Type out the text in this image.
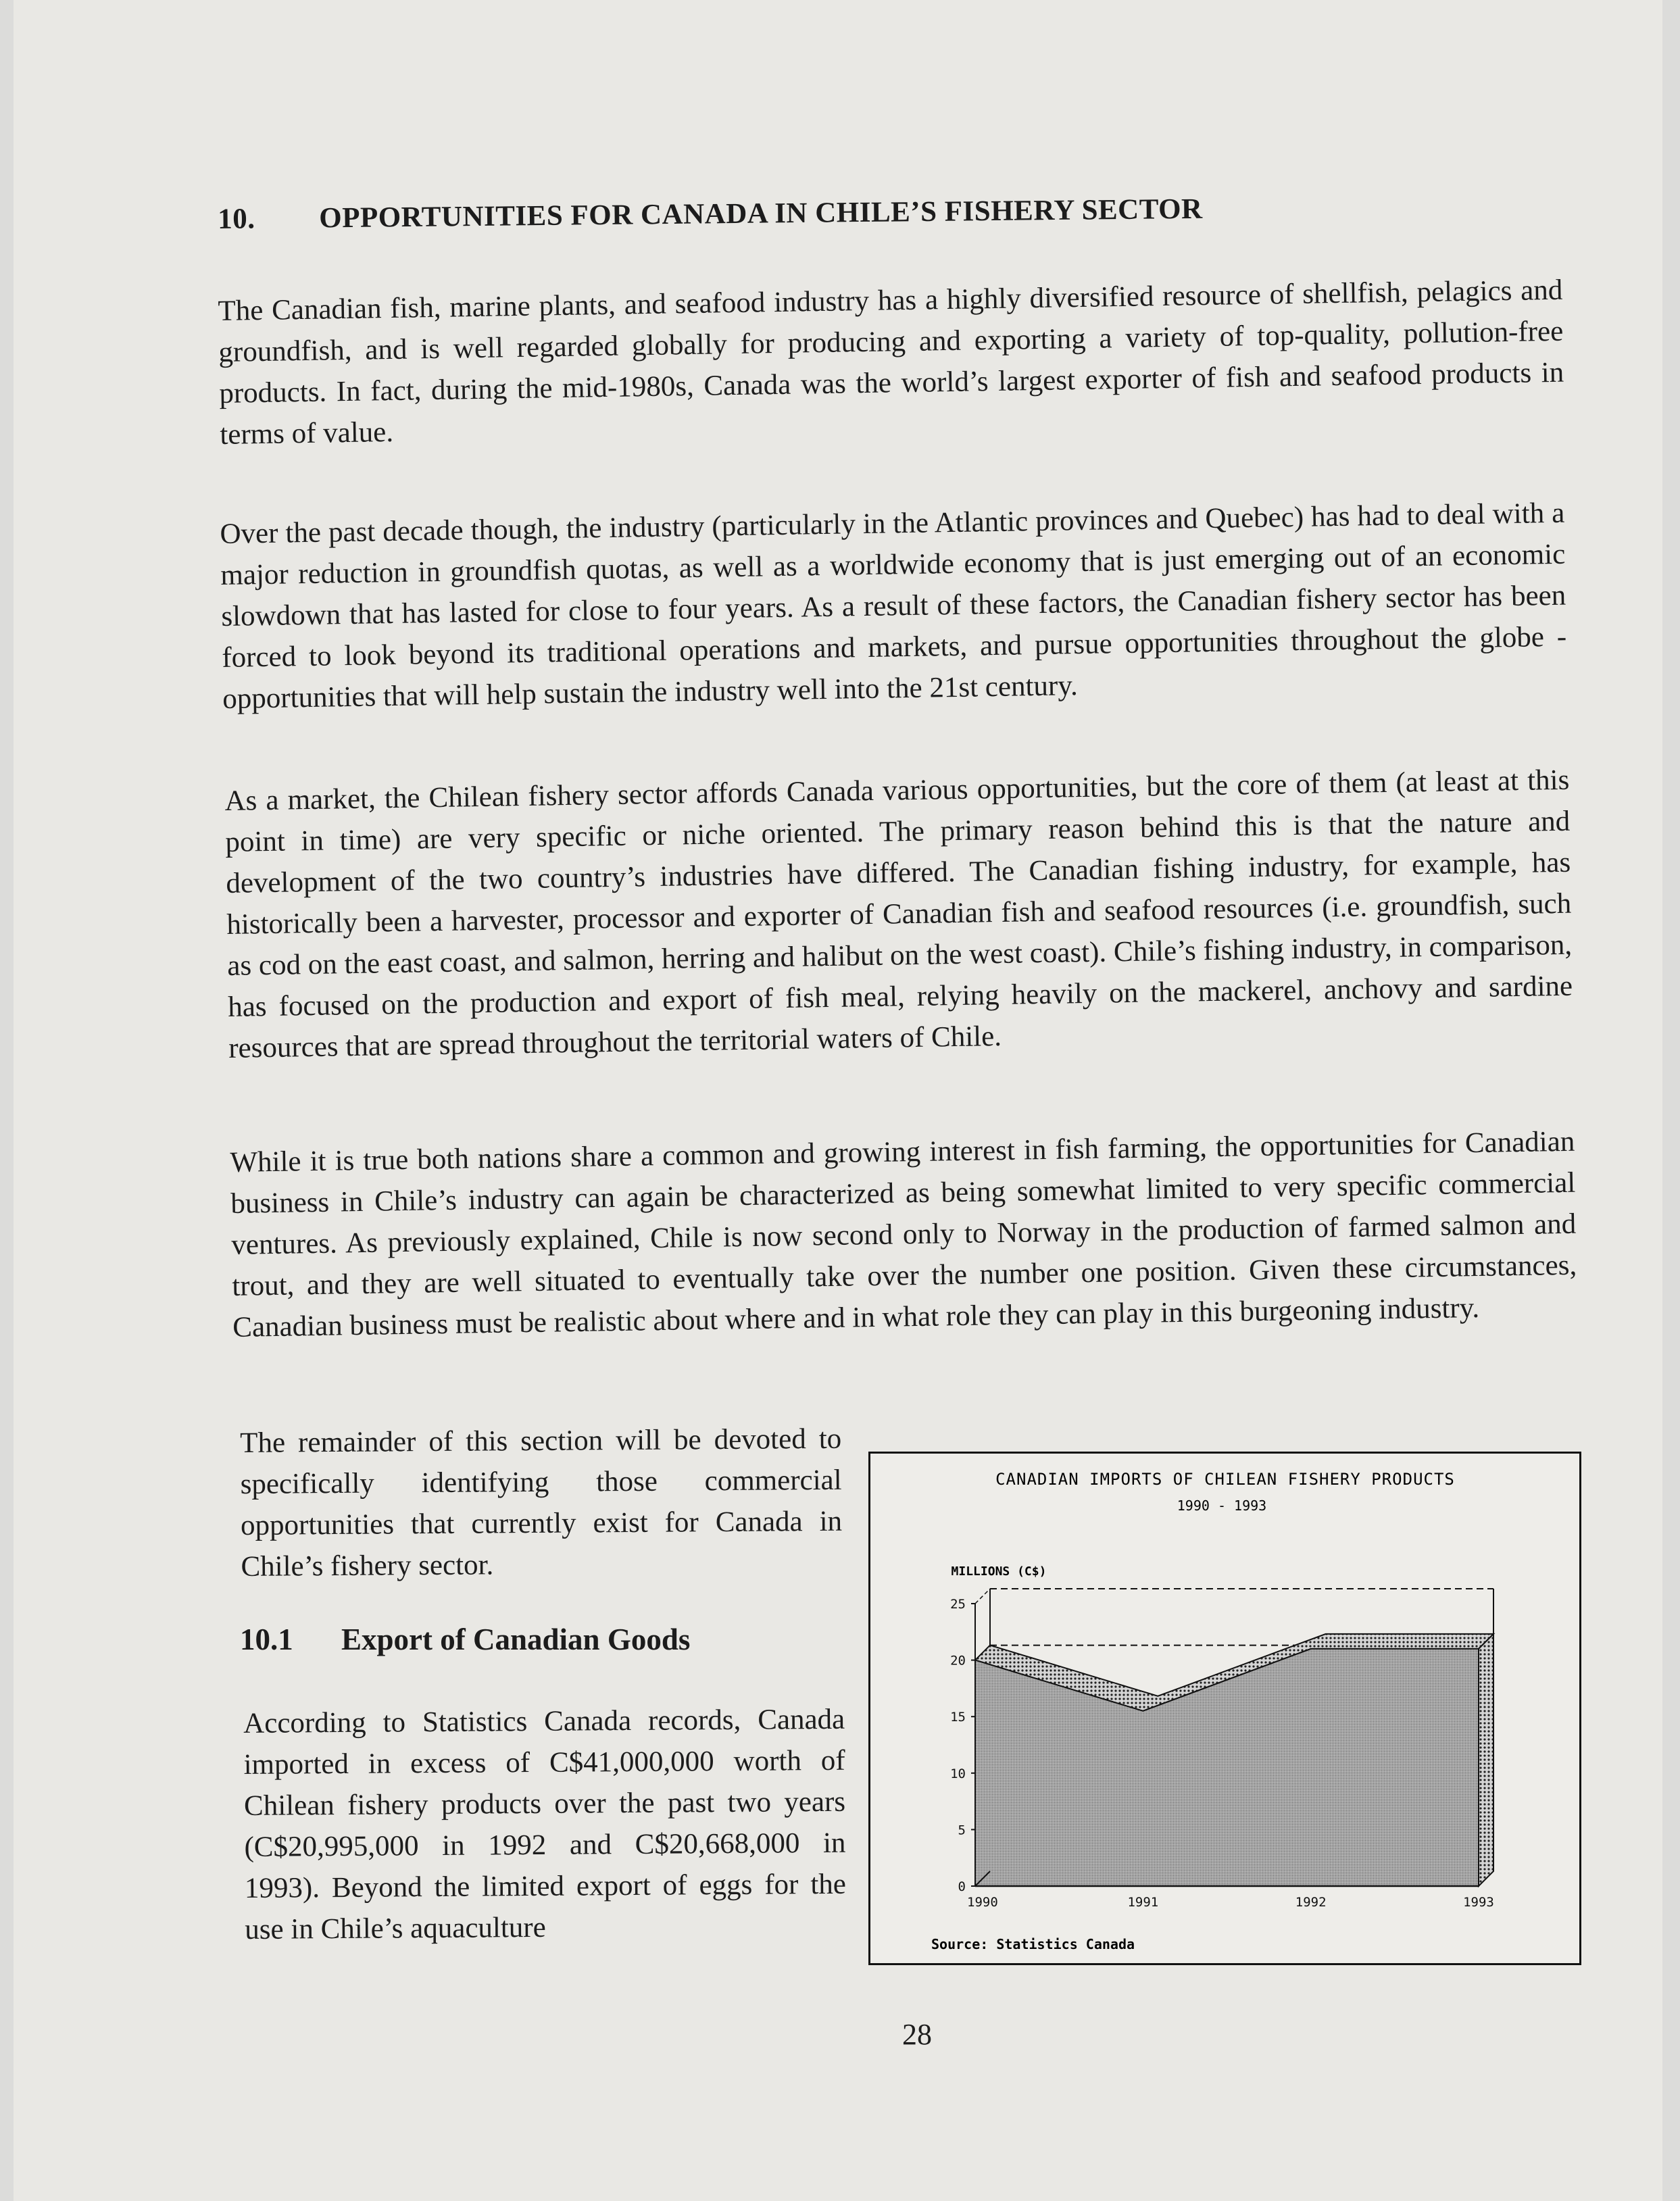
10. OPPORTUNITIES FOR CANADA IN CHILE’S FISHERY SECTOR

The Canadian fish, marine plants, and seafood industry has a highly diversified resource of shellfish, pelagics and groundfish, and is well regarded globally for producing and exporting a variety of top-quality, pollution-free products. In fact, during the mid-1980s, Canada was the world’s largest exporter of fish and seafood products in terms of value.

Over the past decade though, the industry (particularly in the Atlantic provinces and Quebec) has had to deal with a major reduction in groundfish quotas, as well as a worldwide economy that is just emerging out of an economic slowdown that has lasted for close to four years. As a result of these factors, the Canadian fishery sector has been forced to look beyond its traditional operations and markets, and pursue opportunities throughout the globe - opportunities that will help sustain the industry well into the 21st century.

As a market, the Chilean fishery sector affords Canada various opportunities, but the core of them (at least at this point in time) are very specific or niche oriented. The primary reason behind this is that the nature and development of the two country’s industries have differed. The Canadian fishing industry, for example, has historically been a harvester, processor and exporter of Canadian fish and seafood resources (i.e. groundfish, such as cod on the east coast, and salmon, herring and halibut on the west coast). Chile’s fishing industry, in comparison, has focused on the production and export of fish meal, relying heavily on the mackerel, anchovy and sardine resources that are spread throughout the territorial waters of Chile.

While it is true both nations share a common and growing interest in fish farming, the opportunities for Canadian business in Chile’s industry can again be characterized as being somewhat limited to very specific commercial ventures. As previously explained, Chile is now second only to Norway in the production of farmed salmon and trout, and they are well situated to eventually take over the number one position. Given these circumstances, Canadian business must be realistic about where and in what role they can play in this burgeoning industry.

The remainder of this section will be devoted to specifically identifying those commercial opportunities that currently exist for Canada in Chile’s fishery sector.

10.1 Export of Canadian Goods

According to Statistics Canada records, Canada imported in excess of C$41,000,000 worth of Chilean fishery products over the past two years (C$20,995,000 in 1992 and C$20,668,000 in 1993). Beyond the limited export of eggs for the use in Chile’s aquaculture

CANADIAN IMPORTS OF CHILEAN FISHERY PRODUCTS
1990 - 1993
MILLIONS (C$)
Source: Statistics Canada
0
5
10
15
20
25
1990	1991	1992	1993
28
